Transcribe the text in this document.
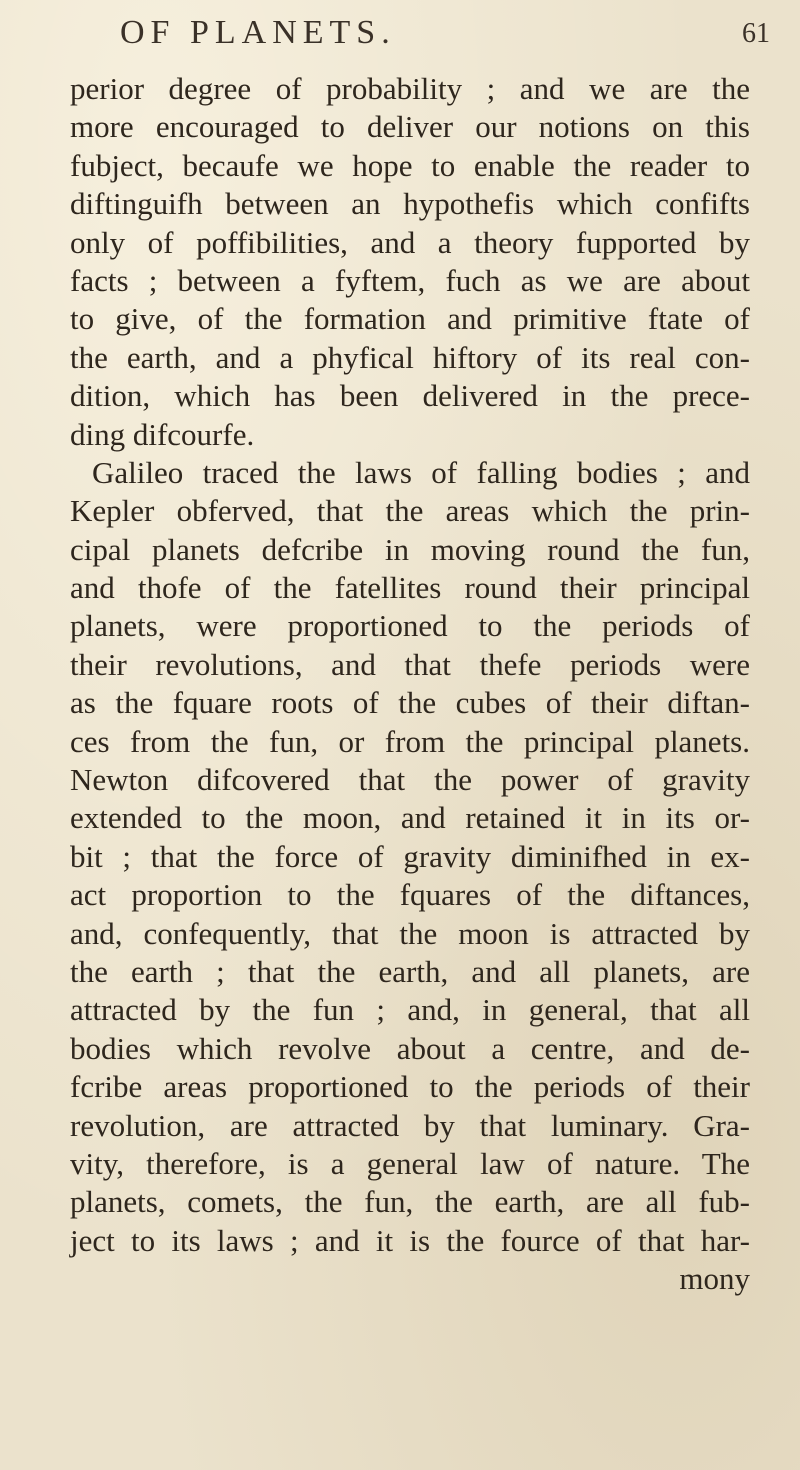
OF PLANETS.	61
perior degree of probability ; and we are the
more encouraged to deliver our notions on this
fubject, becaufe we hope to enable the reader to
diftinguifh between an hypothefis which confifts
only of poffibilities, and a theory fupported by
facts ; between a fyftem, fuch as we are about
to give, of the formation and primitive ftate of
the earth, and a phyfical hiftory of its real con-
dition, which has been delivered in the prece-
ding difcourfe.
Galileo traced the laws of falling bodies ; and
Kepler obferved, that the areas which the prin-
cipal planets defcribe in moving round the fun,
and thofe of the fatellites round their principal
planets, were proportioned to the periods of
their revolutions, and that thefe periods were
as the fquare roots of the cubes of their diftan-
ces from the fun, or from the principal planets.
Newton difcovered that the power of gravity
extended to the moon, and retained it in its or-
bit ; that the force of gravity diminifhed in ex-
act proportion to the fquares of the diftances,
and, confequently, that the moon is attracted by
the earth ; that the earth, and all planets, are
attracted by the fun ; and, in general, that all
bodies which revolve about a centre, and de-
fcribe areas proportioned to the periods of their
revolution, are attracted by that luminary. Gra-
vity, therefore, is a general law of nature. The
planets, comets, the fun, the earth, are all fub-
ject to its laws ; and it is the fource of that har-
mony
